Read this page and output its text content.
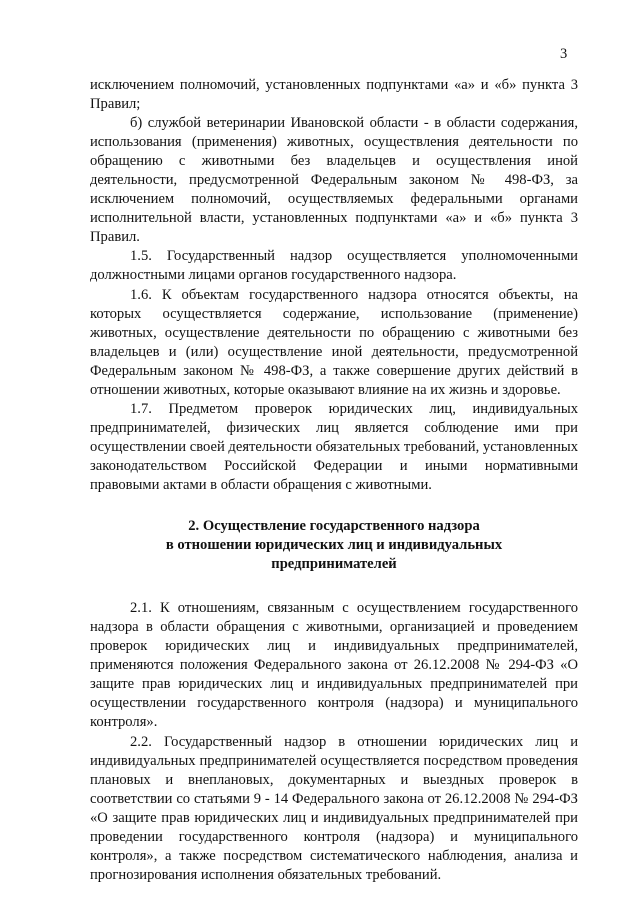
3

исключением полномочий, установленных подпунктами «а» и «б» пункта 3 Правил;

б) службой ветеринарии Ивановской области - в области содержания, использования (применения) животных, осуществления деятельности по обращению с животными без владельцев и осуществления иной деятельности, предусмотренной Федеральным законом № 498-ФЗ, за исключением полномочий, осуществляемых федеральными органами исполнительной власти, установленных подпунктами «а» и «б» пункта 3 Правил.

1.5. Государственный надзор осуществляется уполномоченными должностными лицами органов государственного надзора.

1.6. К объектам государственного надзора относятся объекты, на которых осуществляется содержание, использование (применение) животных, осуществление деятельности по обращению с животными без владельцев и (или) осуществление иной деятельности, предусмотренной Федеральным законом № 498-ФЗ, а также совершение других действий в отношении животных, которые оказывают влияние на их жизнь и здоровье.

1.7. Предметом проверок юридических лиц, индивидуальных предпринимателей, физических лиц является соблюдение ими при осуществлении своей деятельности обязательных требований, установленных законодательством Российской Федерации и иными нормативными правовыми актами в области обращения с животными.

2. Осуществление государственного надзора
в отношении юридических лиц и индивидуальных
предпринимателей

2.1. К отношениям, связанным с осуществлением государственного надзора в области обращения с животными, организацией и проведением проверок юридических лиц и индивидуальных предпринимателей, применяются положения Федерального закона от 26.12.2008 № 294-ФЗ «О защите прав юридических лиц и индивидуальных предпринимателей при осуществлении государственного контроля (надзора) и муниципального контроля».

2.2. Государственный надзор в отношении юридических лиц и индивидуальных предпринимателей осуществляется посредством проведения плановых и внеплановых, документарных и выездных проверок в соответствии со статьями 9 - 14 Федерального закона от 26.12.2008 № 294-ФЗ «О защите прав юридических лиц и индивидуальных предпринимателей при проведении государственного контроля (надзора) и муниципального контроля», а также посредством систематического наблюдения, анализа и прогнозирования исполнения обязательных требований.
